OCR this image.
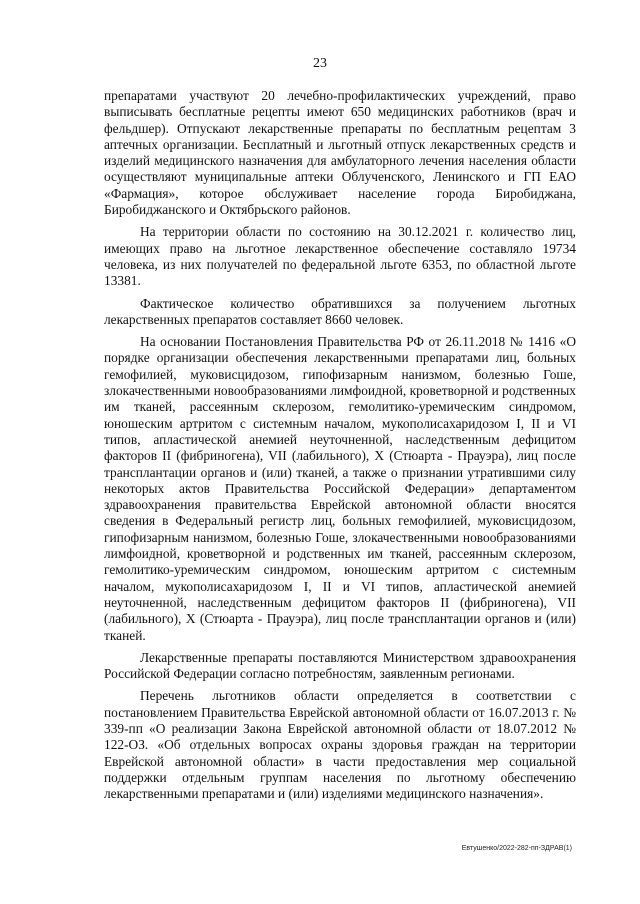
23

препаратами участвуют 20 лечебно-профилактических учреждений, право выписывать бесплатные рецепты имеют 650 медицинских работников (врач и фельдшер). Отпускают лекарственные препараты по бесплатным рецептам 3 аптечных организации. Бесплатный и льготный отпуск лекарственных средств и изделий медицинского назначения для амбулаторного лечения населения области осуществляют муниципальные аптеки Облученского, Ленинского и ГП ЕАО «Фармация», которое обслуживает население города Биробиджана, Биробиджанского и Октябрьского районов.

На территории области по состоянию на 30.12.2021 г. количество лиц, имеющих право на льготное лекарственное обеспечение составляло 19734 человека, из них получателей по федеральной льготе 6353, по областной льготе 13381.

Фактическое количество обратившихся за получением льготных лекарственных препаратов составляет 8660 человек.

На основании Постановления Правительства РФ от 26.11.2018 № 1416 «О порядке организации обеспечения лекарственными препаратами лиц, больных гемофилией, муковисцидозом, гипофизарным нанизмом, болезнью Гоше, злокачественными новообразованиями лимфоидной, кроветворной и родственных им тканей, рассеянным склерозом, гемолитико-уремическим синдромом, юношеским артритом с системным началом, мукополисахаридозом I, II и VI типов, апластической анемией неуточненной, наследственным дефицитом факторов II (фибриногена), VII (лабильного), X (Стюарта - Прауэра), лиц после трансплантации органов и (или) тканей, а также о признании утратившими силу некоторых актов Правительства Российской Федерации» департаментом здравоохранения правительства Еврейской автономной области вносятся сведения в Федеральный регистр лиц, больных гемофилией, муковисцидозом, гипофизарным нанизмом, болезнью Гоше, злокачественными новообразованиями лимфоидной, кроветворной и родственных им тканей, рассеянным склерозом, гемолитико-уремическим синдромом, юношеским артритом с системным началом, мукополисахаридозом I, II и VI типов, апластической анемией неуточненной, наследственным дефицитом факторов II (фибриногена), VII (лабильного), X (Стюарта - Прауэра), лиц после трансплантации органов и (или) тканей.

Лекарственные препараты поставляются Министерством здравоохранения Российской Федерации согласно потребностям, заявленным регионами.

Перечень льготников области определяется в соответствии с постановлением Правительства Еврейской автономной области от 16.07.2013 г. № 339-пп «О реализации Закона Еврейской автономной области от 18.07.2012 № 122-ОЗ. «Об отдельных вопросах охраны здоровья граждан на территории Еврейской автономной области» в части предоставления мер социальной поддержки отдельным группам населения по льготному обеспечению лекарственными препаратами и (или) изделиями медицинского назначения».

Евтушенко/2022-282-пп-ЗДРАВ(1)
